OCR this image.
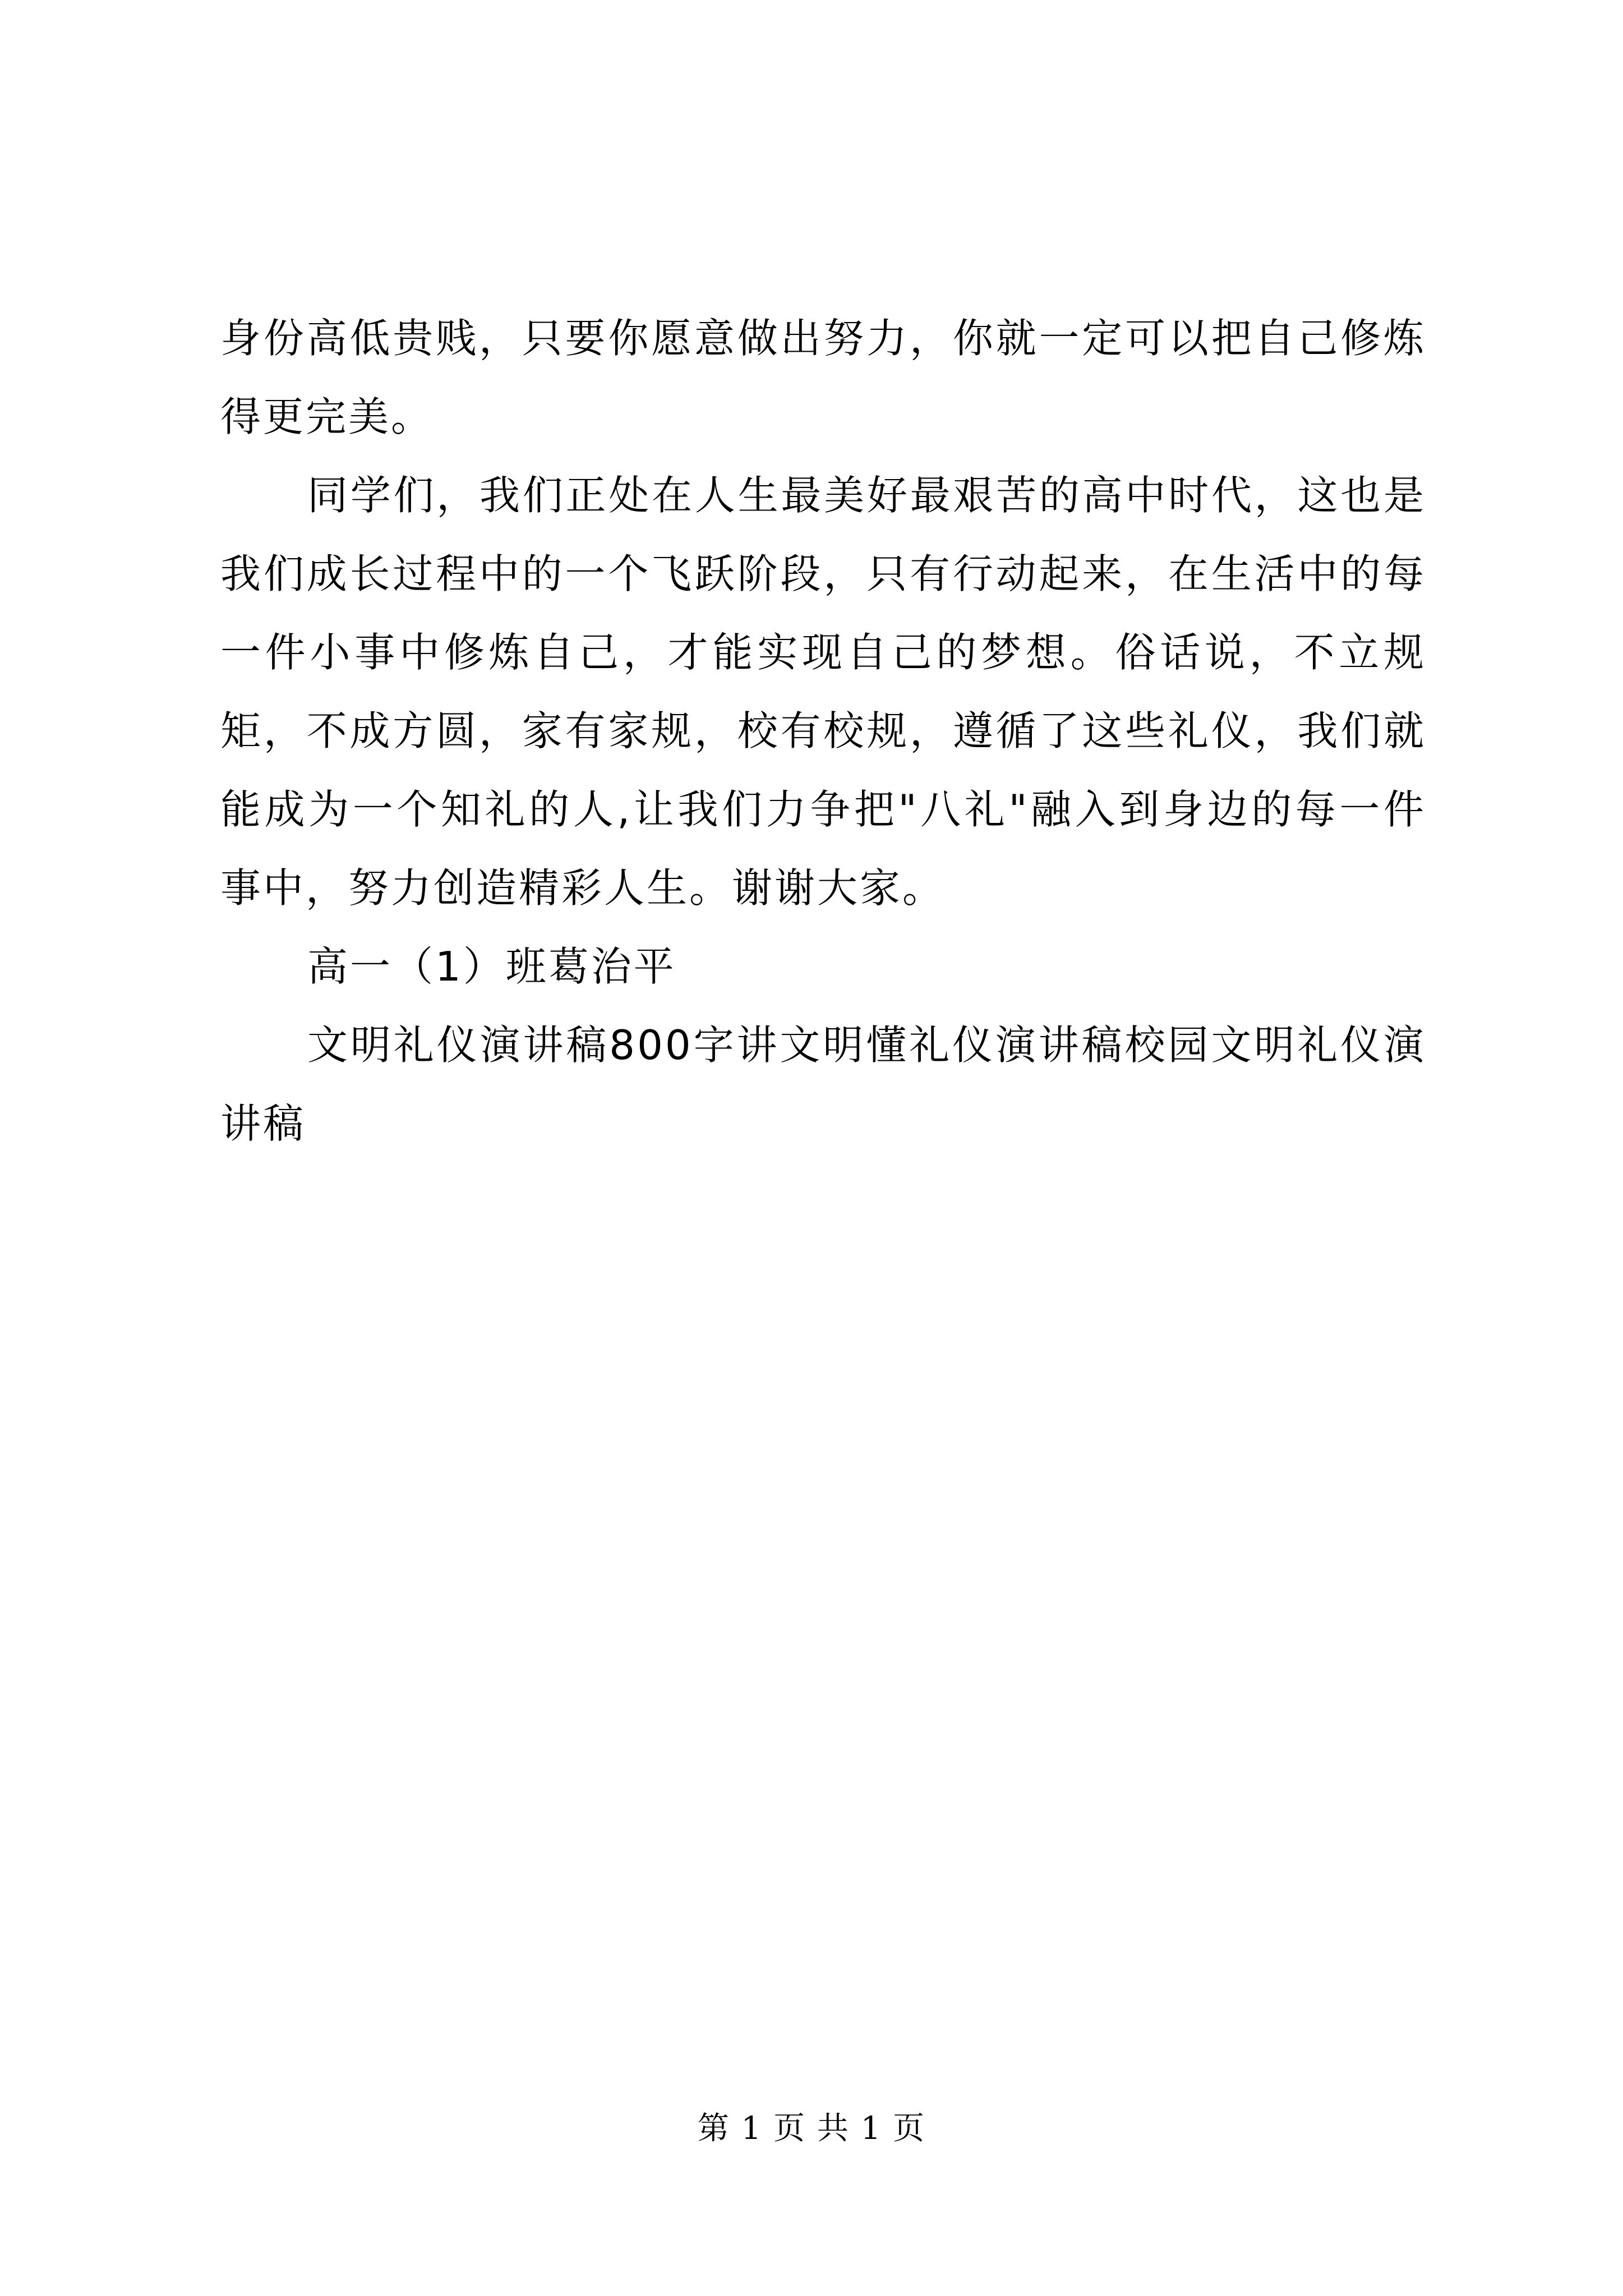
身份高低贵贱，只要你愿意做出努力，你就一定可以把自己修炼得更完美。

同学们，我们正处在人生最美好最艰苦的高中时代，这也是我们成长过程中的一个飞跃阶段，只有行动起来，在生活中的每一件小事中修炼自己，才能实现自己的梦想。俗话说，不立规矩，不成方圆，家有家规，校有校规，遵循了这些礼仪，我们就能成为一个知礼的人,让我们力争把"八礼"融入到身边的每一件事中，努力创造精彩人生。谢谢大家。

高一（1）班葛治平

文明礼仪演讲稿800字讲文明懂礼仪演讲稿校园文明礼仪演讲稿

第 1 页 共 1 页
